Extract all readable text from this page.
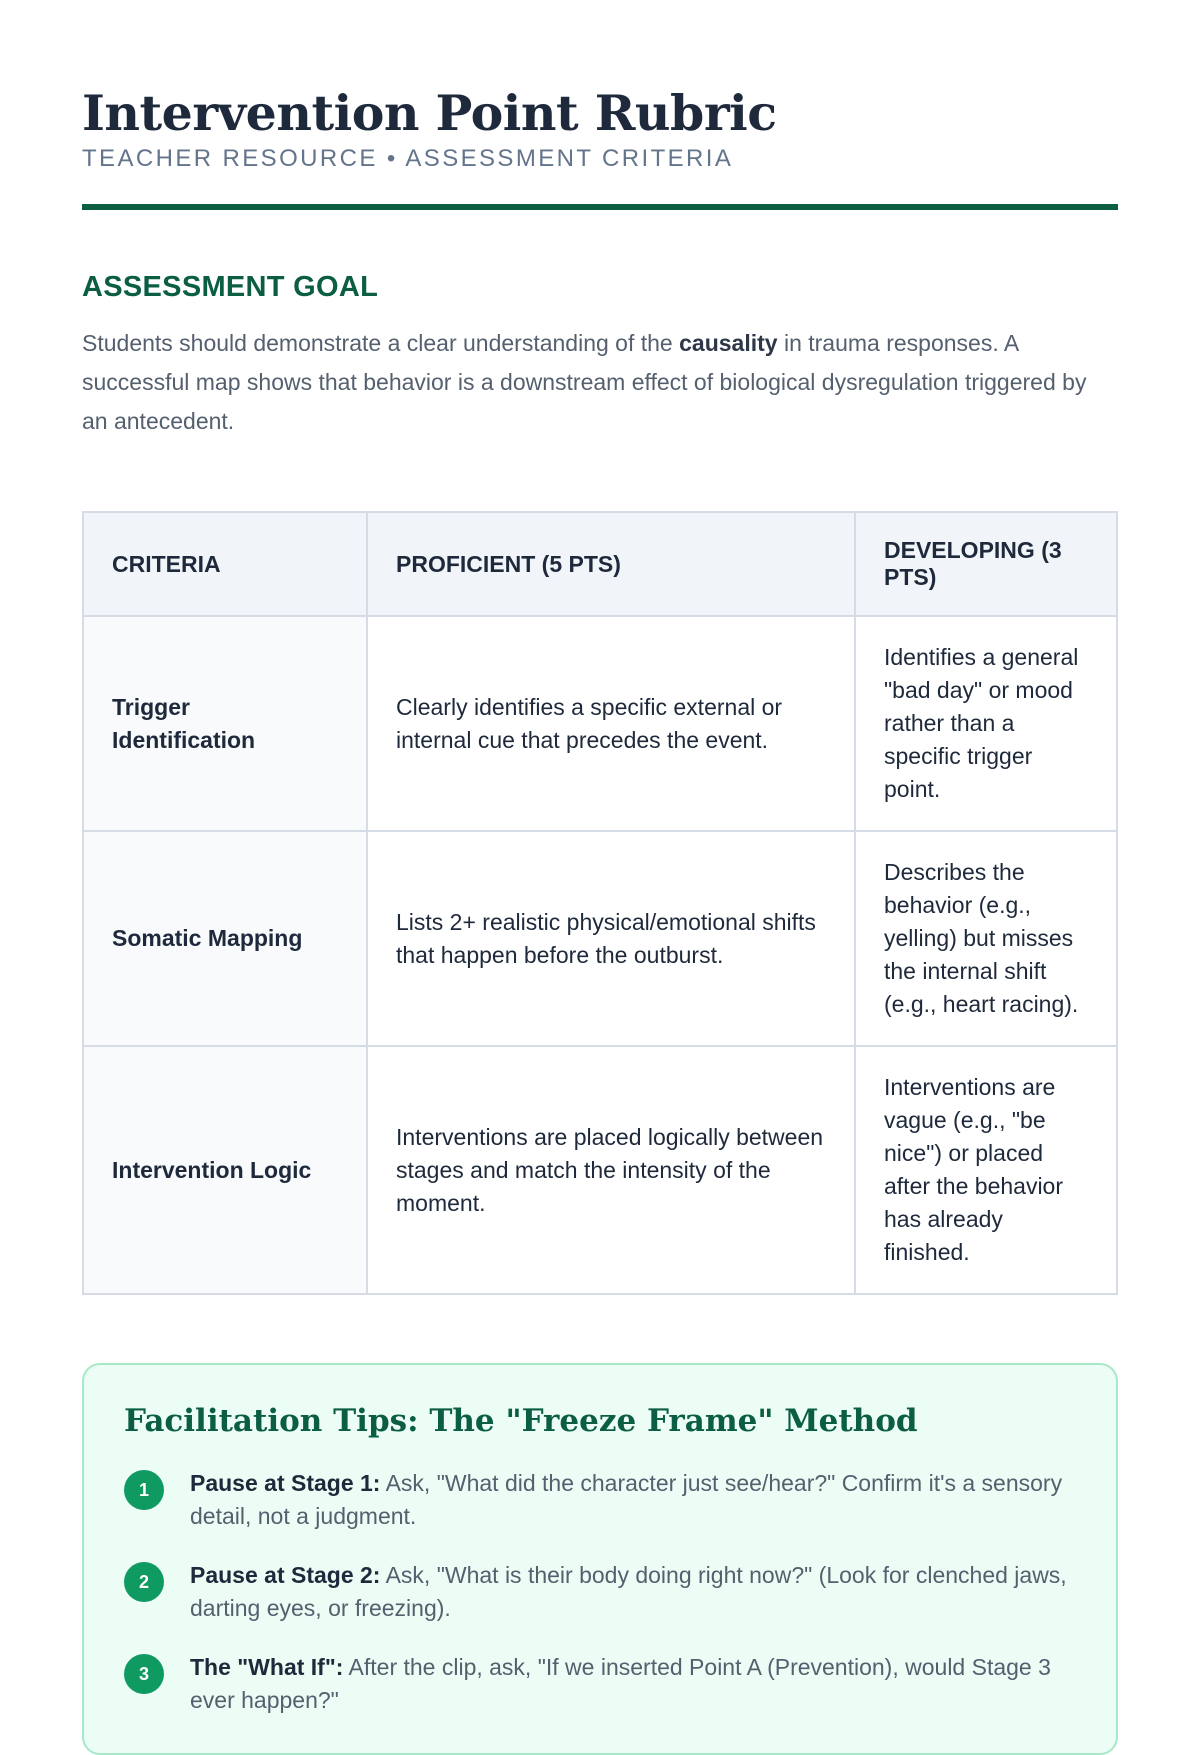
Intervention Point Rubric
TEACHER RESOURCE • ASSESSMENT CRITERIA
ASSESSMENT GOAL

Students should demonstrate a clear understanding of the causality in trauma responses. A successful map shows that behavior is a downstream effect of biological dysregulation triggered by an antecedent.

CRITERIA	PROFICIENT (5 PTS)	DEVELOPING (3 PTS)
Trigger Identification	Clearly identifies a specific external or internal cue that precedes the event.	Identifies a general "bad day" or mood rather than a specific trigger point.
Somatic Mapping	Lists 2+ realistic physical/emotional shifts that happen before the outburst.	Describes the behavior (e.g., yelling) but misses the internal shift (e.g., heart racing).
Intervention Logic	Interventions are placed logically between stages and match the intensity of the moment.	Interventions are vague (e.g., "be nice") or placed after the behavior has already finished.
Facilitation Tips: The "Freeze Frame" Method
1	Pause at Stage 1: Ask, "What did the character just see/hear?" Confirm it's a sensory detail, not a judgment.
2	Pause at Stage 2: Ask, "What is their body doing right now?" (Look for clenched jaws, darting eyes, or freezing).
3	The "What If": After the clip, ask, "If we inserted Point A (Prevention), would Stage 3 ever happen?"
